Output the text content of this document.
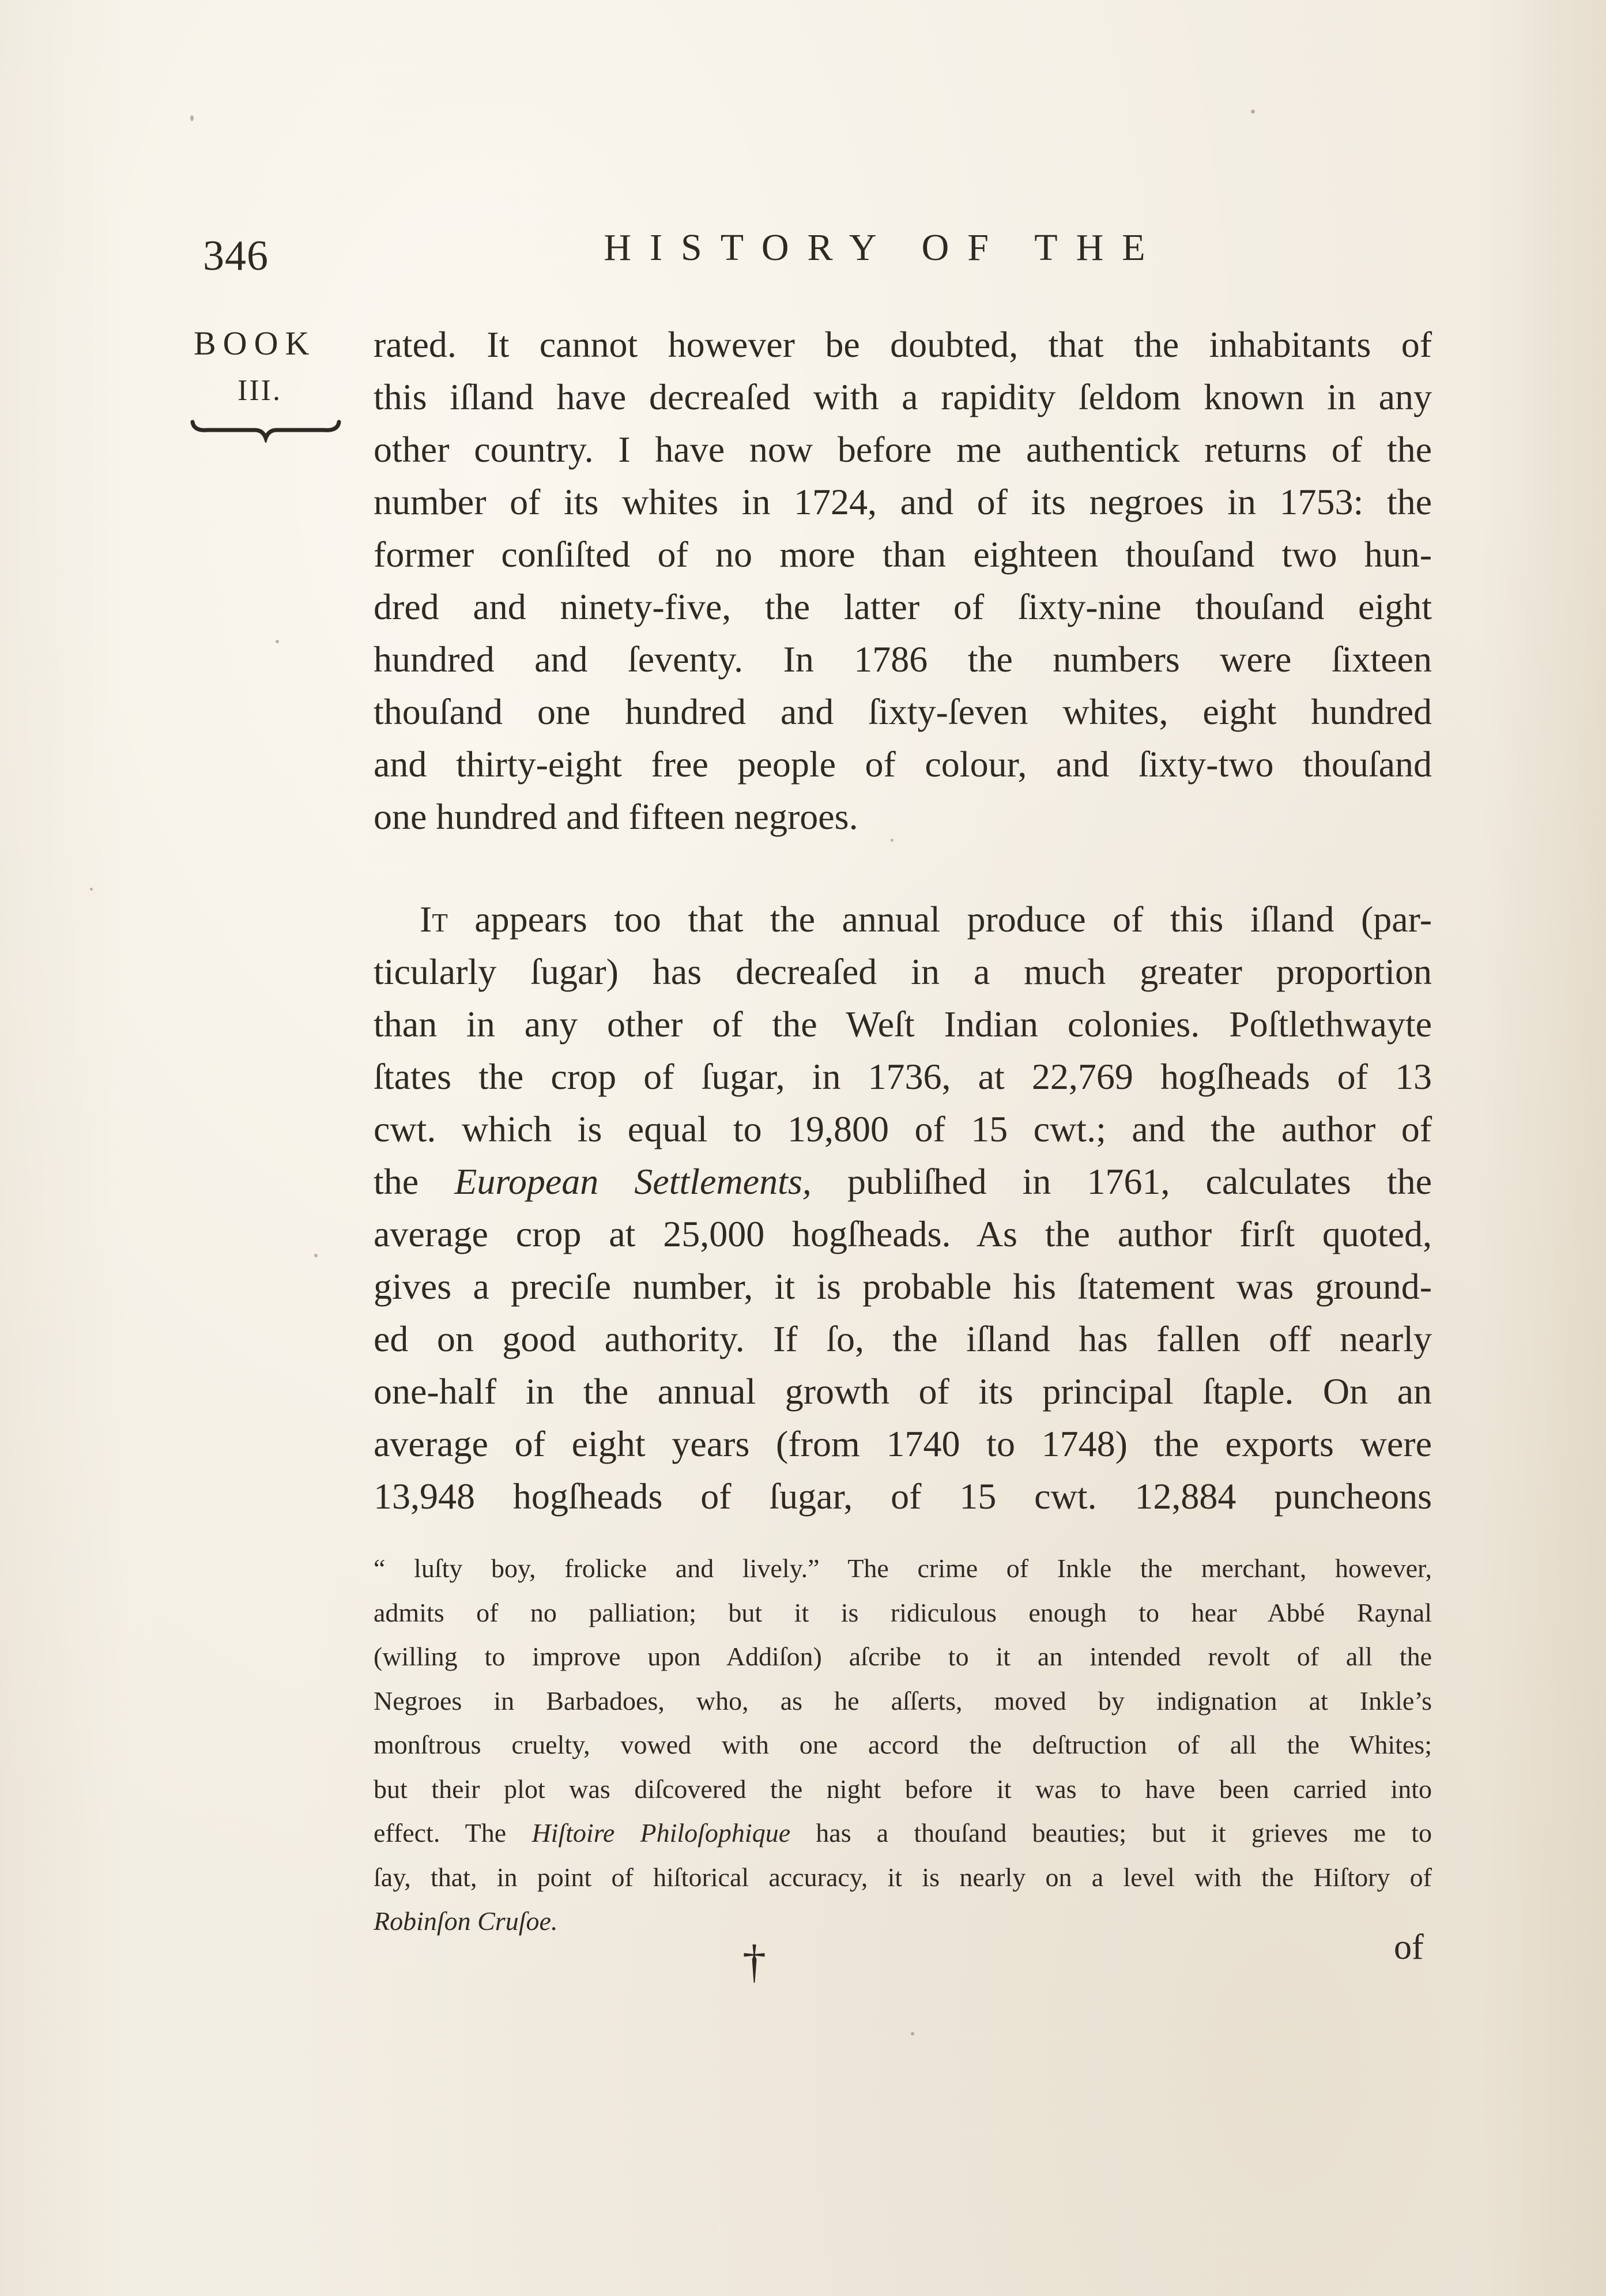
346	HISTORY OF THE
BOOK
III.
rated. It cannot however be doubted, that the inhabitants of
this iſland have decreaſed with a rapidity ſeldom known in any
other country. I have now before me authentick returns of the
number of its whites in 1724, and of its negroes in 1753: the
former conſiſted of no more than eighteen thouſand two hun-
dred and ninety-five, the latter of ſixty-nine thouſand eight
hundred and ſeventy. In 1786 the numbers were ſixteen
thouſand one hundred and ſixty-ſeven whites, eight hundred
and thirty-eight free people of colour, and ſixty-two thouſand
one hundred and fifteen negroes.
It appears too that the annual produce of this iſland (par-
ticularly ſugar) has decreaſed in a much greater proportion
than in any other of the Weſt Indian colonies. Poſtlethwayte
ſtates the crop of ſugar, in 1736, at 22,769 hogſheads of 13
cwt. which is equal to 19,800 of 15 cwt.; and the author of
the European Settlements, publiſhed in 1761, calculates the
average crop at 25,000 hogſheads. As the author firſt quoted,
gives a preciſe number, it is probable his ſtatement was ground-
ed on good authority. If ſo, the iſland has fallen off nearly
one-half in the annual growth of its principal ſtaple. On an
average of eight years (from 1740 to 1748) the exports were
13,948 hogſheads of ſugar, of 15 cwt. 12,884 puncheons
“ luſty boy, frolicke and lively.” The crime of Inkle the merchant, however,
admits of no palliation; but it is ridiculous enough to hear Abbé Raynal
(willing to improve upon Addiſon) aſcribe to it an intended revolt of all the
Negroes in Barbadoes, who, as he aſſerts, moved by indignation at Inkle’s
monſtrous cruelty, vowed with one accord the deſtruction of all the Whites;
but their plot was diſcovered the night before it was to have been carried into
effect. The Hiſtoire Philoſophique has a thouſand beauties; but it grieves me to
ſay, that, in point of hiſtorical accuracy, it is nearly on a level with the Hiſtory of
Robinſon Cruſoe.
†	of
